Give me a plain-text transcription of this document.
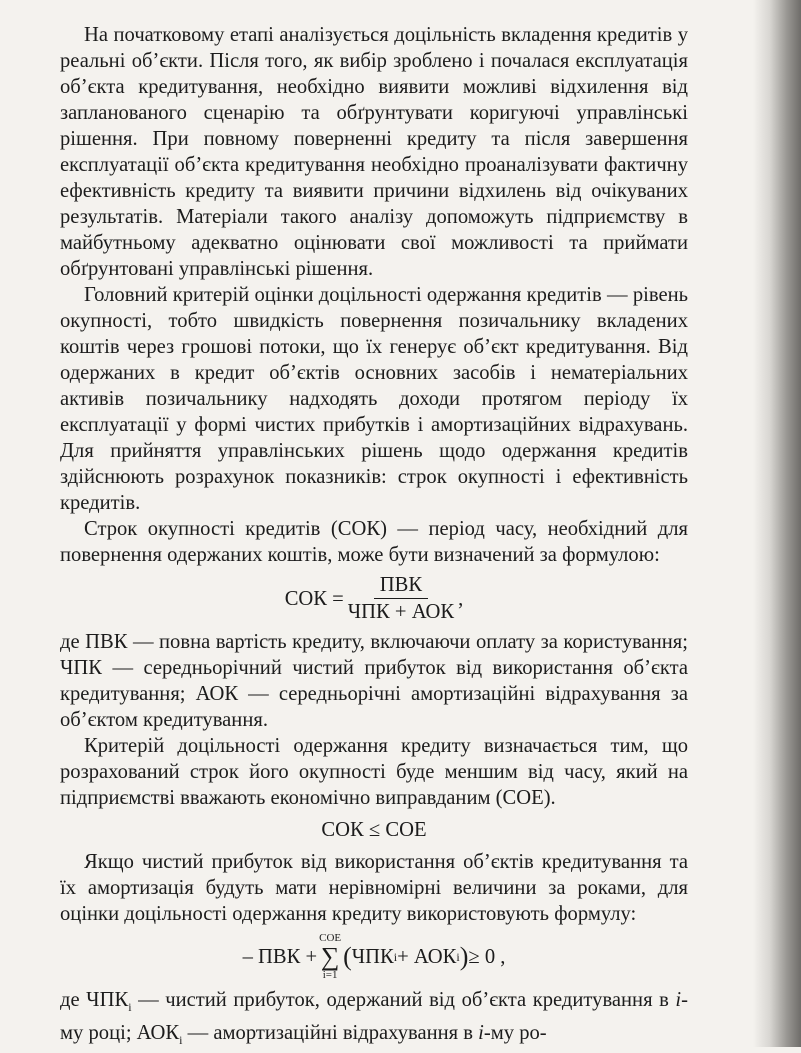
На початковому етапі аналізується доцільність вкладення кредитів у реальні об’єкти. Після того, як вибір зроблено і почалася експлуатація об’єкта кредитування, необхідно виявити можливі відхилення від запланованого сценарію та обґрунтувати коригуючі управлінські рішення. При повному поверненні кредиту та після завершення експлуатації об’єкта кредитування необхідно проаналізувати фактичну ефективність кредиту та виявити причини відхилень від очікуваних результатів. Матеріали такого аналізу допоможуть підприємству в майбутньому адекватно оцінювати свої можливості та приймати обґрунтовані управлінські рішення.

Головний критерій оцінки доцільності одержання кредитів — рівень окупності, тобто швидкість повернення позичальнику вкладених коштів через грошові потоки, що їх генерує об’єкт кредитування. Від одержаних в кредит об’єктів основних засобів і нематеріальних активів позичальнику надходять доходи протягом періоду їх експлуатації у формі чистих прибутків і амортизаційних відрахувань. Для прийняття управлінських рішень щодо одержання кредитів здійснюють розрахунок показників: строк окупності і ефективність кредитів.

Строк окупності кредитів (СОК) — період часу, необхідний для повернення одержаних коштів, може бути визначений за формулою:

СОК = $\frac{\text{ПВК}}{\text{ЧПК + АОК}}$ ,

де ПВК — повна вартість кредиту, включаючи оплату за користування; ЧПК — середньорічний чистий прибуток від використання об’єкта кредитування; АОК — середньорічні амортизаційні відрахування за об’єктом кредитування.

Критерій доцільності одержання кредиту визначається тим, що розрахований строк його окупності буде меншим від часу, який на підприємстві вважають економічно виправданим (СОЕ).

СОК ≤ СОЕ

Якщо чистий прибуток від використання об’єктів кредитування та їх амортизація будуть мати нерівномірні величини за роками, для оцінки доцільності одержання кредиту використовують формулу:

– ПВК +
СОЕ
∑
i=1
( ЧПК i + АОК i ) ≥ 0 ,

де $ЧПК_i$ — чистий прибуток, одержаний від об’єкта кредитування в i-му році; $АОК_i$ — амортизаційні відрахування в i-му ро-
